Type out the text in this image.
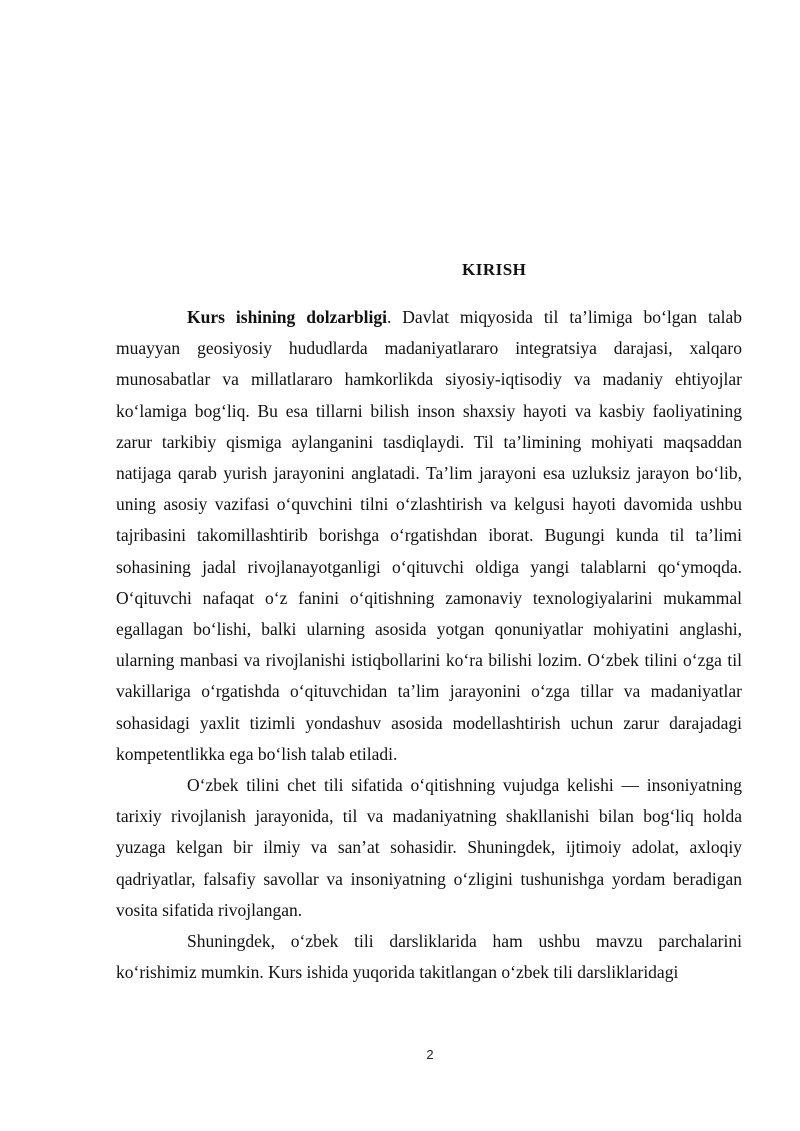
KIRISH

Kurs ishining dolzarbligi. Davlat miqyosida til ta’limiga bo‘lgan talab muayyan geosiyosiy hududlarda madaniyatlararo integratsiya darajasi, xalqaro munosabatlar va millatlararo hamkorlikda siyosiy-iqtisodiy va madaniy ehtiyojlar ko‘lamiga bog‘liq. Bu esa tillarni bilish inson shaxsiy hayoti va kasbiy faoliyatining zarur tarkibiy qismiga aylanganini tasdiqlaydi. Til ta’limining mohiyati maqsaddan natijaga qarab yurish jarayonini anglatadi. Ta’lim jarayoni esa uzluksiz jarayon bo‘lib, uning asosiy vazifasi o‘quvchini tilni o‘zlashtirish va kelgusi hayoti davomida ushbu tajribasini takomillashtirib borishga o‘rgatishdan iborat. Bugungi kunda til ta’limi sohasining jadal rivojlanayotganligi o‘qituvchi oldiga yangi talablarni qo‘ymoqda. O‘qituvchi nafaqat o‘z fanini o‘qitishning zamonaviy texnologiyalarini mukammal egallagan bo‘lishi, balki ularning asosida yotgan qonuniyatlar mohiyatini anglashi, ularning manbasi va rivojlanishi istiqbollarini ko‘ra bilishi lozim. O‘zbek tilini o‘zga til vakillariga o‘rgatishda o‘qituvchidan ta’lim jarayonini o‘zga tillar va madaniyatlar sohasidagi yaxlit tizimli yondashuv asosida modellashtirish uchun zarur darajadagi kompetentlikka ega bo‘lish talab etiladi.

O‘zbek tilini chet tili sifatida o‘qitishning vujudga kelishi — insoniyatning tarixiy rivojlanish jarayonida, til va madaniyatning shakllanishi bilan bog‘liq holda yuzaga kelgan bir ilmiy va san’at sohasidir. Shuningdek, ijtimoiy adolat, axloqiy qadriyatlar, falsafiy savollar va insoniyatning o‘zligini tushunishga yordam beradigan vosita sifatida rivojlangan.

Shuningdek, o‘zbek tili darsliklarida ham ushbu mavzu parchalarini ko‘rishimiz mumkin. Kurs ishida yuqorida takitlangan o‘zbek tili darsliklaridagi

2
